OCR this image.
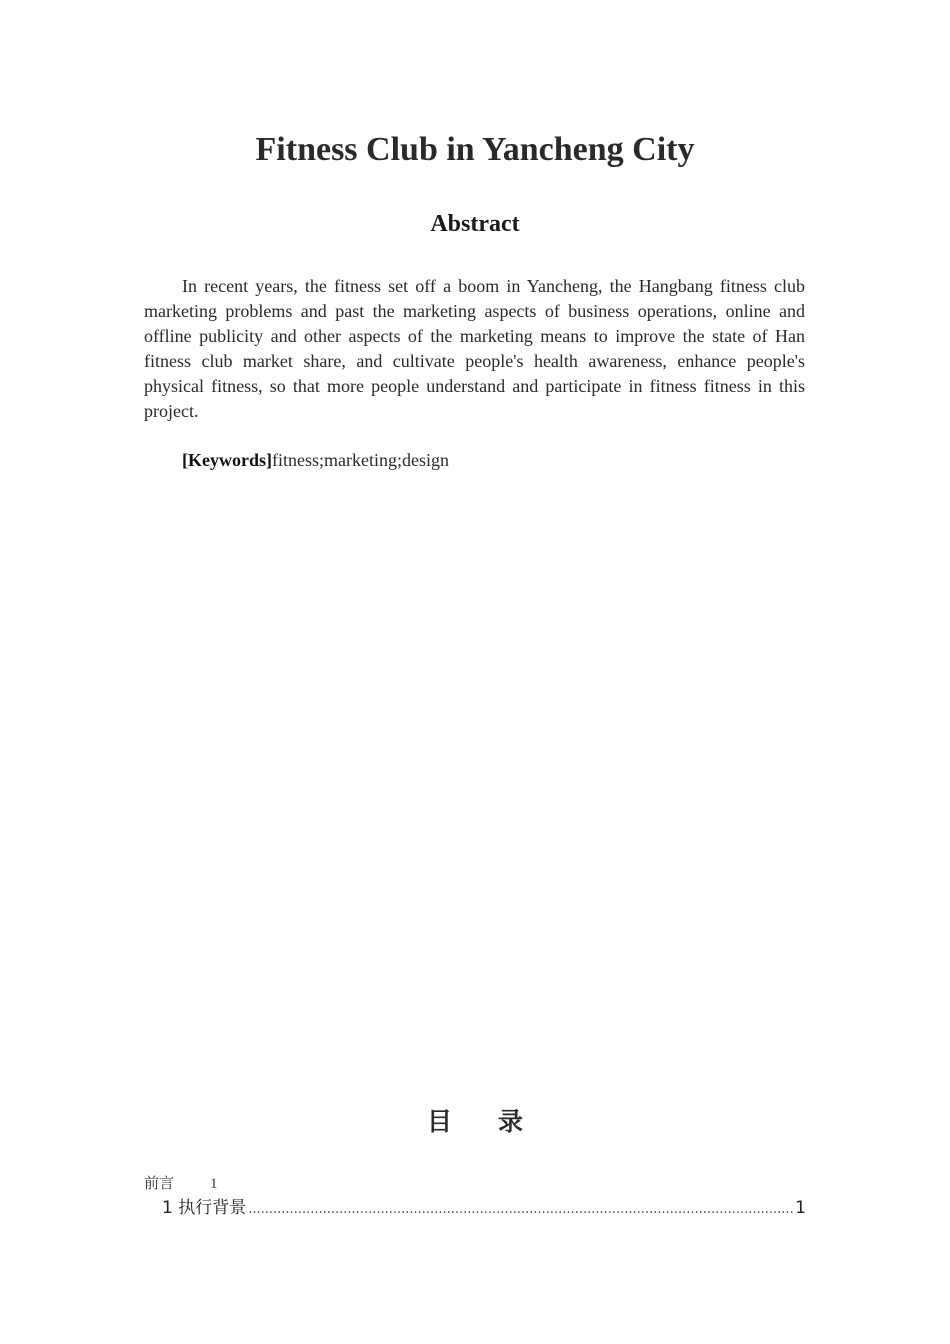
Fitness Club in Yancheng City
Abstract

In recent years, the fitness set off a boom in Yancheng, the Hangbang fitness club marketing problems and past the marketing aspects of business operations, online and offline publicity and other aspects of the marketing means to improve the state of Han fitness club market share, and cultivate people's health awareness, enhance people's physical fitness, so that more people understand and participate in fitness fitness in this project.

[Keywords]fitness;marketing;design

目 录
前言 1
1 执行背景
.....	1
